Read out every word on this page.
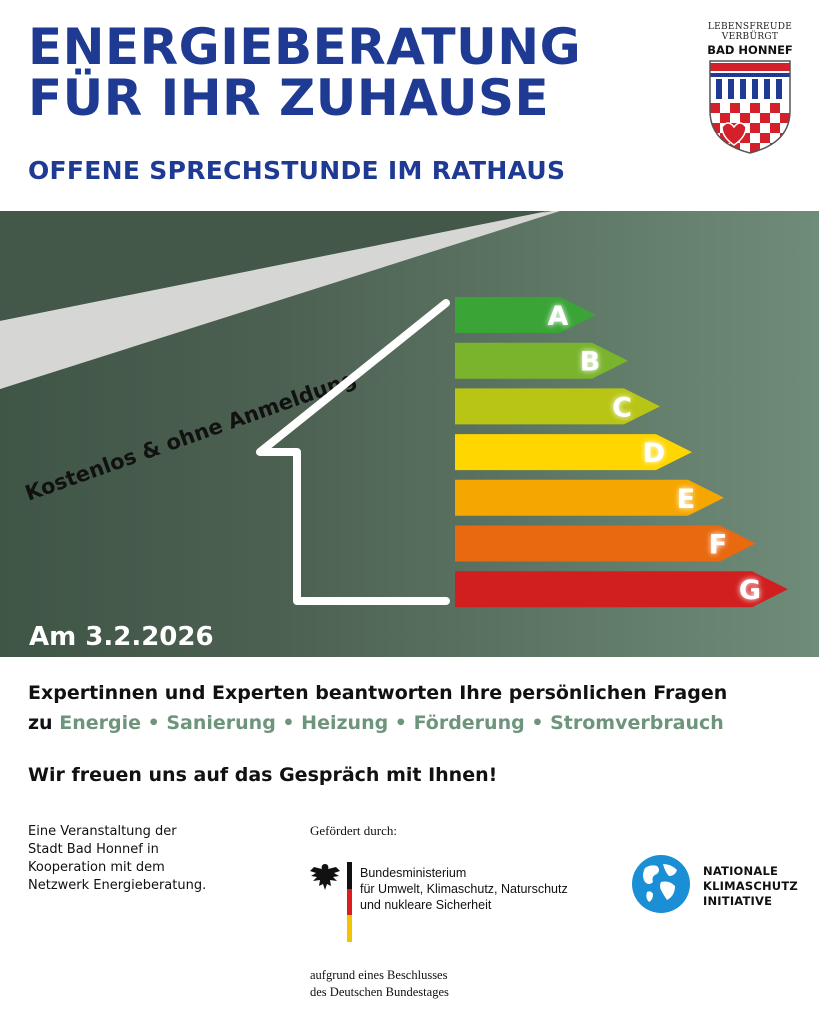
ENERGIEBERATUNG
FÜR IHR ZUHAUSE
OFFENE SPRECHSTUNDE IM RATHAUS
LEBENSFREUDE
VERBÜRGT
BAD HONNEF
Kostenlos & ohne Anmeldung
A
B
C
D
E
F
G
Am 3.2.2026
Expertinnen und Experten beantworten Ihre persönlichen Fragen
zu Energie • Sanierung • Heizung • Förderung • Stromverbrauch
Wir freuen uns auf das Gespräch mit Ihnen!
Eine Veranstaltung der
Stadt Bad Honnef in
Kooperation mit dem
Netzwerk Energieberatung.
Gefördert durch:
Bundesministerium
für Umwelt, Klimaschutz, Naturschutz
und nukleare Sicherheit
aufgrund eines Beschlusses
des Deutschen Bundestages
NATIONALE
KLIMASCHUTZ
INITIATIVE
